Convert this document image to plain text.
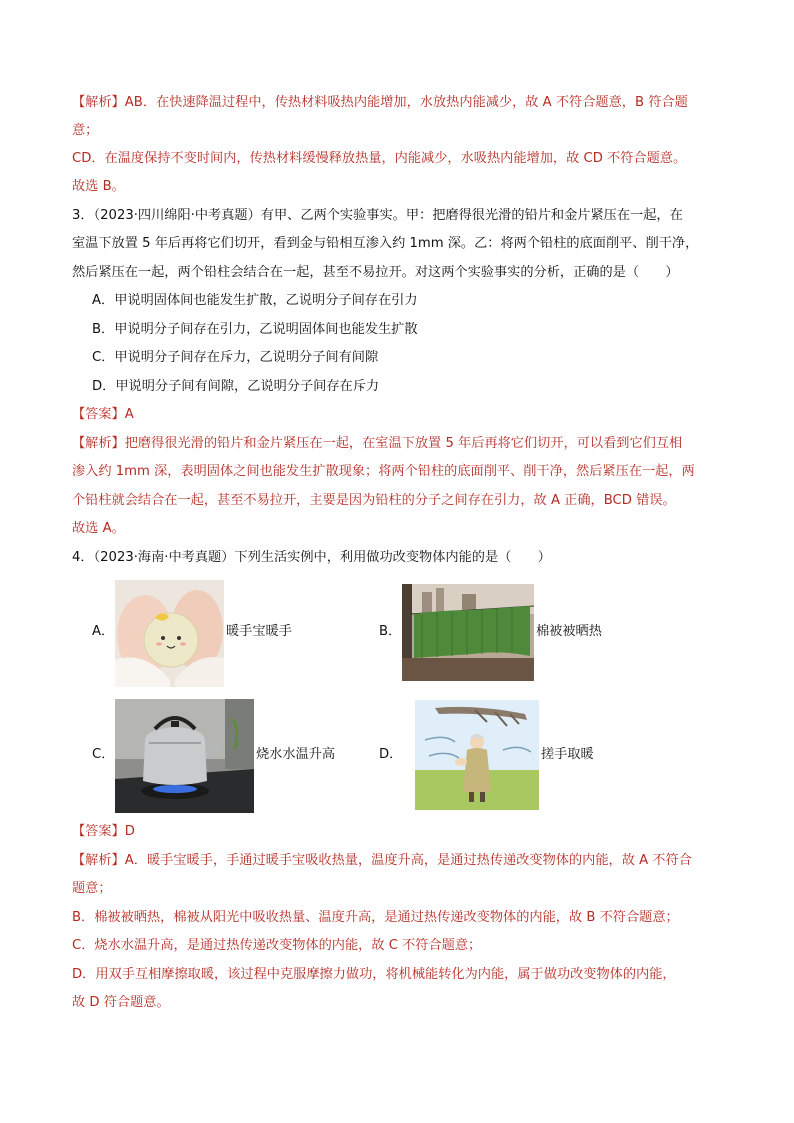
【解析】AB．在快速降温过程中，传热材料吸热内能增加，水放热内能减少，故 A 不符合题意，B 符合题
意；
CD．在温度保持不变时间内，传热材料缓慢释放热量，内能减少，水吸热内能增加，故 CD 不符合题意。
故选 B。
3．（2023·四川绵阳·中考真题）有甲、乙两个实验事实。甲：把磨得很光滑的铅片和金片紧压在一起，在
室温下放置 5 年后再将它们切开，看到金与铅相互渗入约 1mm 深。乙：将两个铅柱的底面削平、削干净，
然后紧压在一起，两个铅柱会结合在一起，甚至不易拉开。对这两个实验事实的分析，正确的是（　　）
A．甲说明固体间也能发生扩散，乙说明分子间存在引力
B．甲说明分子间存在引力，乙说明固体间也能发生扩散
C．甲说明分子间存在斥力，乙说明分子间有间隙
D．甲说明分子间有间隙，乙说明分子间存在斥力
【答案】A
【解析】把磨得很光滑的铅片和金片紧压在一起，在室温下放置 5 年后再将它们切开，可以看到它们互相
渗入约 1mm 深，表明固体之间也能发生扩散现象；将两个铅柱的底面削平、削干净，然后紧压在一起，两
个铅柱就会结合在一起，甚至不易拉开，主要是因为铅柱的分子之间存在引力，故 A 正确，BCD 错误。
故选 A。
4．（2023·海南·中考真题）下列生活实例中，利用做功改变物体内能的是（　　）
A．	暖手宝暖手	B．	棉被被晒热
C．	烧水水温升高	D．	搓手取暖
【答案】D
【解析】A．暖手宝暖手，手通过暖手宝吸收热量，温度升高，是通过热传递改变物体的内能，故 A 不符合
题意；
B．棉被被晒热，棉被从阳光中吸收热量、温度升高，是通过热传递改变物体的内能，故 B 不符合题意；
C．烧水水温升高，是通过热传递改变物体的内能，故 C 不符合题意；
D．用双手互相摩擦取暖，该过程中克服摩擦力做功，将机械能转化为内能，属于做功改变物体的内能，
故 D 符合题意。
